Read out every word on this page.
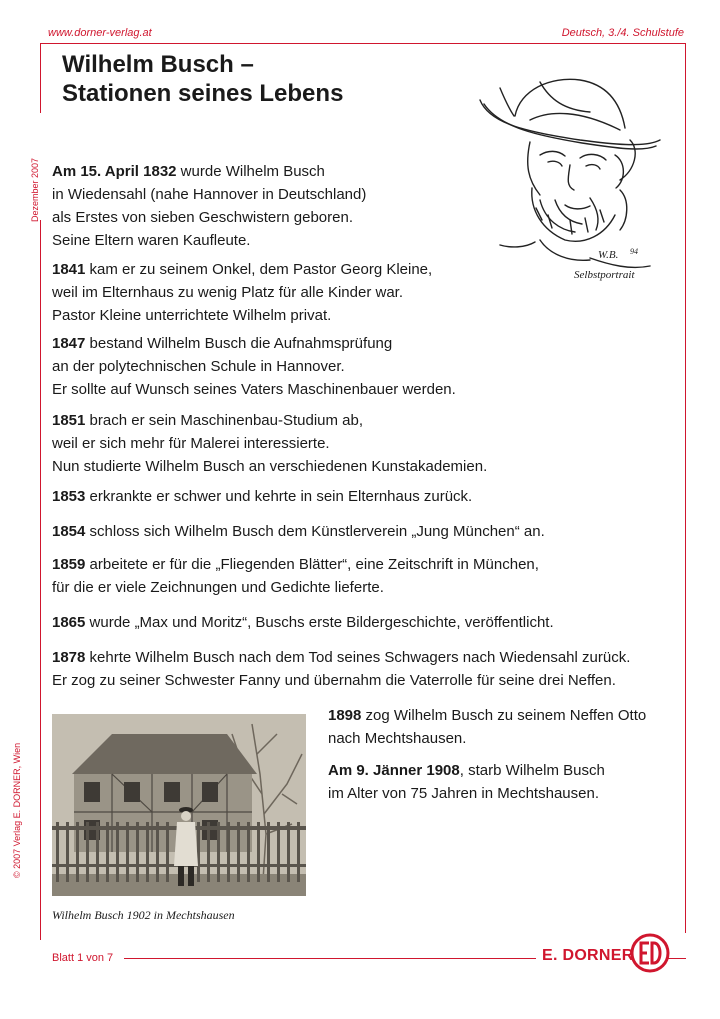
www.dorner-verlag.at	Deutsch, 3./4. Schulstufe
Dezember 2007
© 2007 Verlag E. DORNER, Wien
Wilhelm Busch –
Stationen seines Lebens
W.B. 94
Selbstportrait

Am 15. April 1832 wurde Wilhelm Busch
in Wiedensahl (nahe Hannover in Deutschland)
als Erstes von sieben Geschwistern geboren.
Seine Eltern waren Kaufleute.

1841 kam er zu seinem Onkel, dem Pastor Georg Kleine,
weil im Elternhaus zu wenig Platz für alle Kinder war.
Pastor Kleine unterrichtete Wilhelm privat.

1847 bestand Wilhelm Busch die Aufnahmsprüfung
an der polytechnischen Schule in Hannover.
Er sollte auf Wunsch seines Vaters Maschinenbauer werden.

1851 brach er sein Maschinenbau-Studium ab,
weil er sich mehr für Malerei interessierte.
Nun studierte Wilhelm Busch an verschiedenen Kunstakademien.

1853 erkrankte er schwer und kehrte in sein Elternhaus zurück.

1854 schloss sich Wilhelm Busch dem Künstlerverein „Jung München“ an.

1859 arbeitete er für die „Fliegenden Blätter“, eine Zeitschrift in München,
für die er viele Zeichnungen und Gedichte lieferte.

1865 wurde „Max und Moritz“, Buschs erste Bildergeschichte, veröffentlicht.

1878 kehrte Wilhelm Busch nach dem Tod seines Schwagers nach Wiedensahl zurück.
Er zog zu seiner Schwester Fanny und übernahm die Vaterrolle für seine drei Neffen.

Wilhelm Busch 1902 in Mechtshausen

1898 zog Wilhelm Busch zu seinem Neffen Otto
nach Mechtshausen.

Am 9. Jänner 1908, starb Wilhelm Busch
im Alter von 75 Jahren in Mechtshausen.

Blatt 1 von 7	E. DORNER
